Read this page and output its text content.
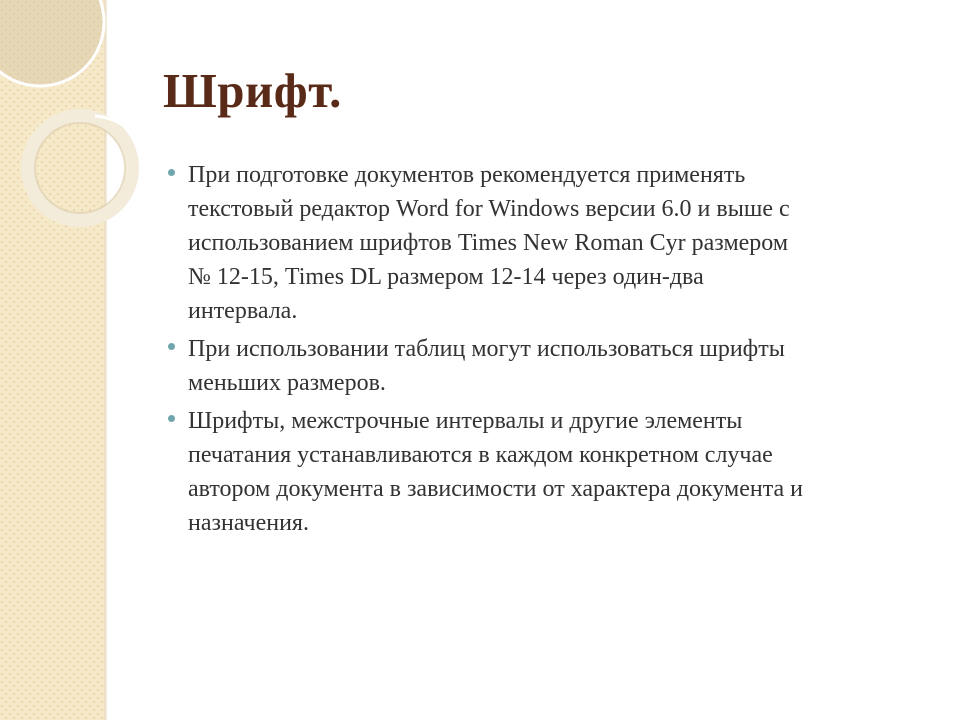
Шрифт.
При подготовке документов рекомендуется применять
текстовый редактор Word for Windows версии 6.0 и выше с
использованием шрифтов Times New Roman Cyr размером
№ 12-15, Times DL размером 12-14 через один-два
интервала.
При использовании таблиц могут использоваться шрифты
меньших размеров.
Шрифты, межстрочные интервалы и другие элементы
печатания устанавливаются в каждом конкретном случае
автором документа в зависимости от характера документа и
назначения.
